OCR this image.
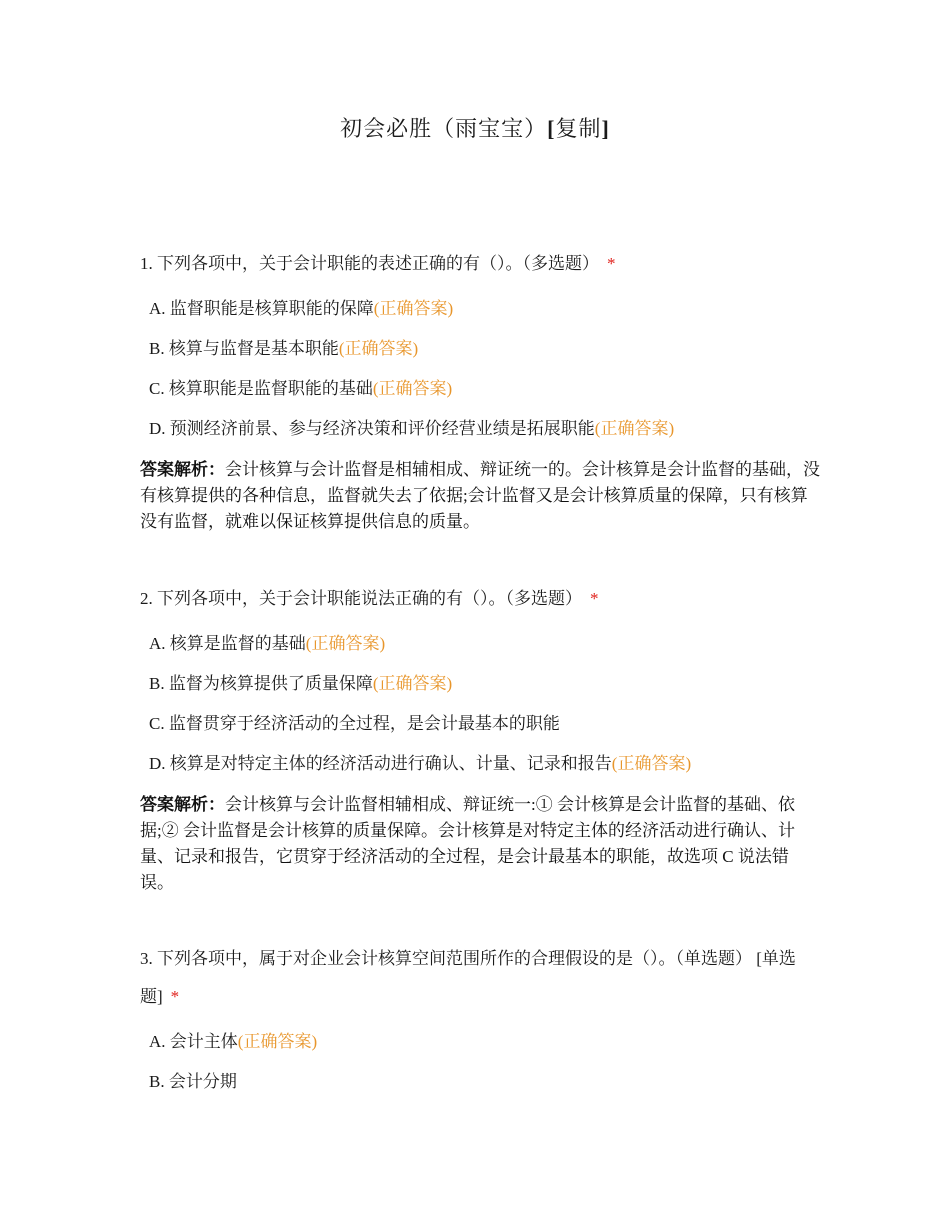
初会必胜（雨宝宝）[复制]

1. 下列各项中，关于会计职能的表述正确的有（）。（多选题） *

A. 监督职能是核算职能的保障(正确答案)
B. 核算与监督是基本职能(正确答案)
C. 核算职能是监督职能的基础(正确答案)
D. 预测经济前景、参与经济决策和评价经营业绩是拓展职能(正确答案)

答案解析：会计核算与会计监督是相辅相成、辩证统一的。会计核算是会计监督的基础，没有核算提供的各种信息，监督就失去了依据;会计监督又是会计核算质量的保障，只有核算没有监督，就难以保证核算提供信息的质量。

2. 下列各项中，关于会计职能说法正确的有（）。（多选题） *

A. 核算是监督的基础(正确答案)
B. 监督为核算提供了质量保障(正确答案)
C. 监督贯穿于经济活动的全过程，是会计最基本的职能
D. 核算是对特定主体的经济活动进行确认、计量、记录和报告(正确答案)

答案解析：会计核算与会计监督相辅相成、辩证统一:① 会计核算是会计监督的基础、依据;② 会计监督是会计核算的质量保障。会计核算是对特定主体的经济活动进行确认、计量、记录和报告，它贯穿于经济活动的全过程，是会计最基本的职能，故选项 C 说法错误。

3. 下列各项中，属于对企业会计核算空间范围所作的合理假设的是（）。（单选题） [单选题] *

A. 会计主体(正确答案)
B. 会计分期
